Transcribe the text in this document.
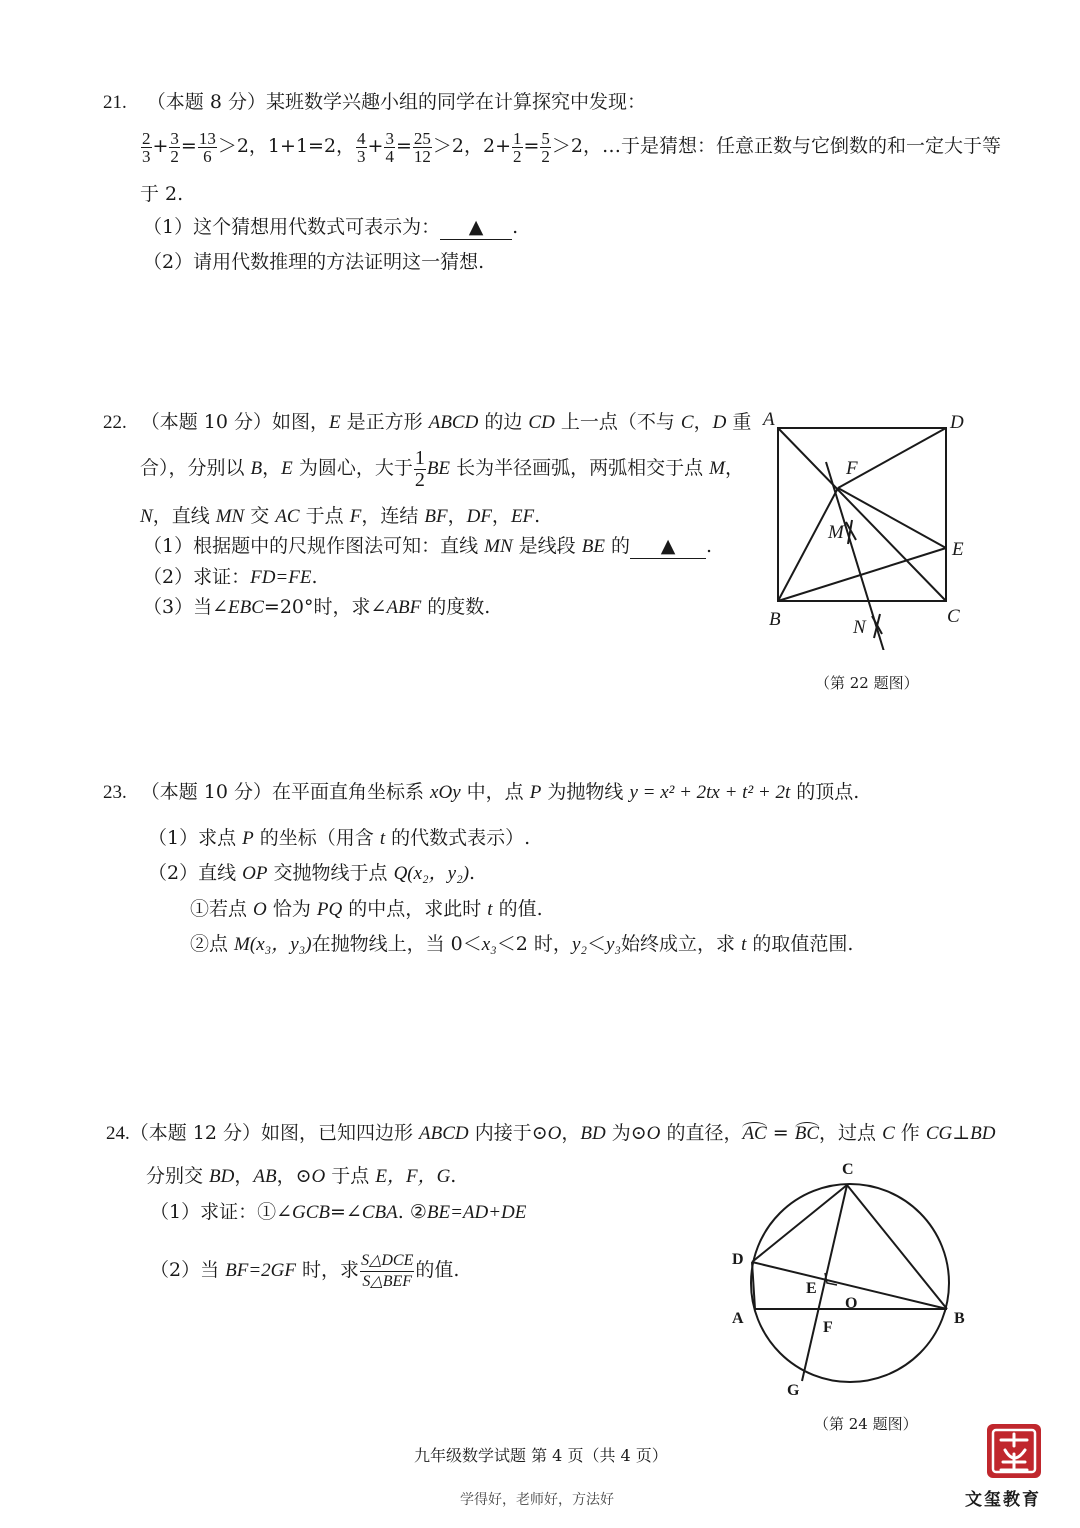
21. （本题 8 分）某班数学兴趣小组的同学在计算探究中发现：
$\frac{2}{3} + \frac{3}{2} = \frac{13}{6} >2$，1+1=2， $\frac{4}{3} + \frac{3}{4} = \frac{25}{12} >2$，$2+ \frac{1}{2} = \frac{5}{2} >2$，…于是猜想：任意正数与它倒数的和一定大于等
于 2.
（1）这个猜想用代数式可表示为： ▲ .
（2）请用代数推理的方法证明这一猜想.
22. （本题 10 分）如图，E 是正方形 ABCD 的边 CD 上一点（不与 C，D 重
合），分别以 B，E 为圆心，大于 $\frac{1}{2}$ BE 长为半径画弧，两弧相交于点 M，
N，直线 MN 交 AC 于点 F，连结 BF，DF，EF.
（1）根据题中的尺规作图法可知：直线 MN 是线段 BE 的 ▲ .
（2）求证：FD=FE.
（3）当∠EBC=20°时，求∠ABF 的度数.
A	D
F
M
E
B	N
C
（第 22 题图）
23. （本题 10 分）在平面直角坐标系 xOy 中，点 P 为抛物线 y = x² + 2tx + t² + 2t 的顶点.
（1）求点 P 的坐标（用含 t 的代数式表示）.
（2）直线 OP 交抛物线于点 Q(x₂，y₂).
①若点 O 恰为 PQ 的中点，求此时 t 的值.
②点 M(x₃，y₃)在抛物线上，当 0＜x₃＜2 时，y₂＜y₃始终成立，求 t 的取值范围.
24.（本题 12 分）如图，已知四边形 ABCD 内接于⊙O，BD 为⊙O 的直径，AC = BC，过点 C 作 CG⊥BD
分别交 BD，AB，⊙O 于点 E，F，G.
（1）求证：①∠GCB=∠CBA. ②BE=AD+DE
（2）当 BF=2GF 时，求 $\frac{\text{S△DCE}}{\text{S△BEF}}$ 的值.
C
D
E
O
A	B
F
G
（第 24 题图）
九年级数学试题 第 4 页（共 4 页）
学得好，老师好，方法好	文玺教育
